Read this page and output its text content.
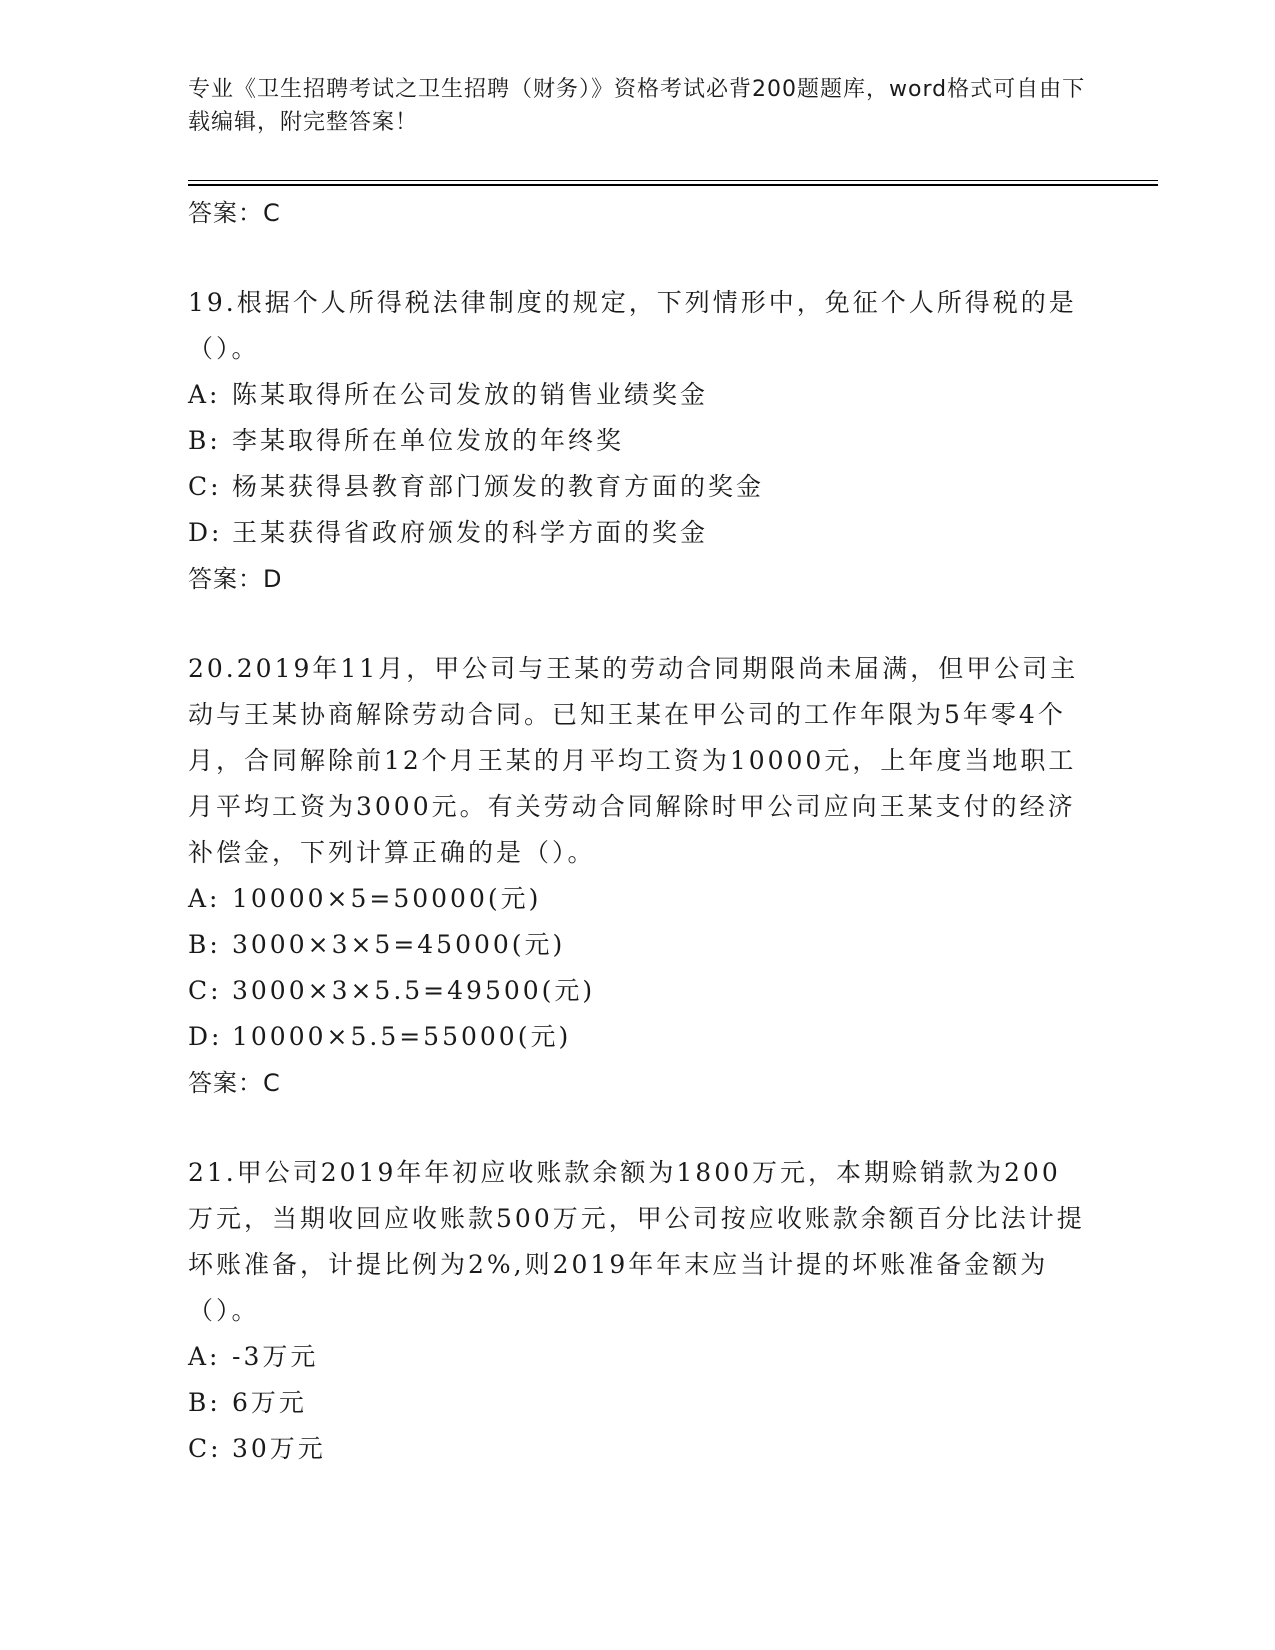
专业《卫生招聘考试之卫生招聘（财务）》资格考试必背200题题库，word格式可自由下载编辑，附完整答案！
答案：C
19.根据个人所得税法律制度的规定，下列情形中，免征个人所得税的是（）。
A: 陈某取得所在公司发放的销售业绩奖金
B: 李某取得所在单位发放的年终奖
C: 杨某获得县教育部门颁发的教育方面的奖金
D: 王某获得省政府颁发的科学方面的奖金
答案：D
20.2019年11月，甲公司与王某的劳动合同期限尚未届满，但甲公司主动与王某协商解除劳动合同。已知王某在甲公司的工作年限为5年零4个月，合同解除前12个月王某的月平均工资为10000元，上年度当地职工月平均工资为3000元。有关劳动合同解除时甲公司应向王某支付的经济补偿金，下列计算正确的是（）。
A: 10000×5=50000(元)
B: 3000×3×5=45000(元)
C: 3000×3×5.5=49500(元)
D: 10000×5.5=55000(元)
答案：C
21.甲公司2019年年初应收账款余额为1800万元，本期赊销款为200万元，当期收回应收账款500万元，甲公司按应收账款余额百分比法计提坏账准备，计提比例为2%,则2019年年末应当计提的坏账准备金额为（）。
A: -3万元
B: 6万元
C: 30万元
